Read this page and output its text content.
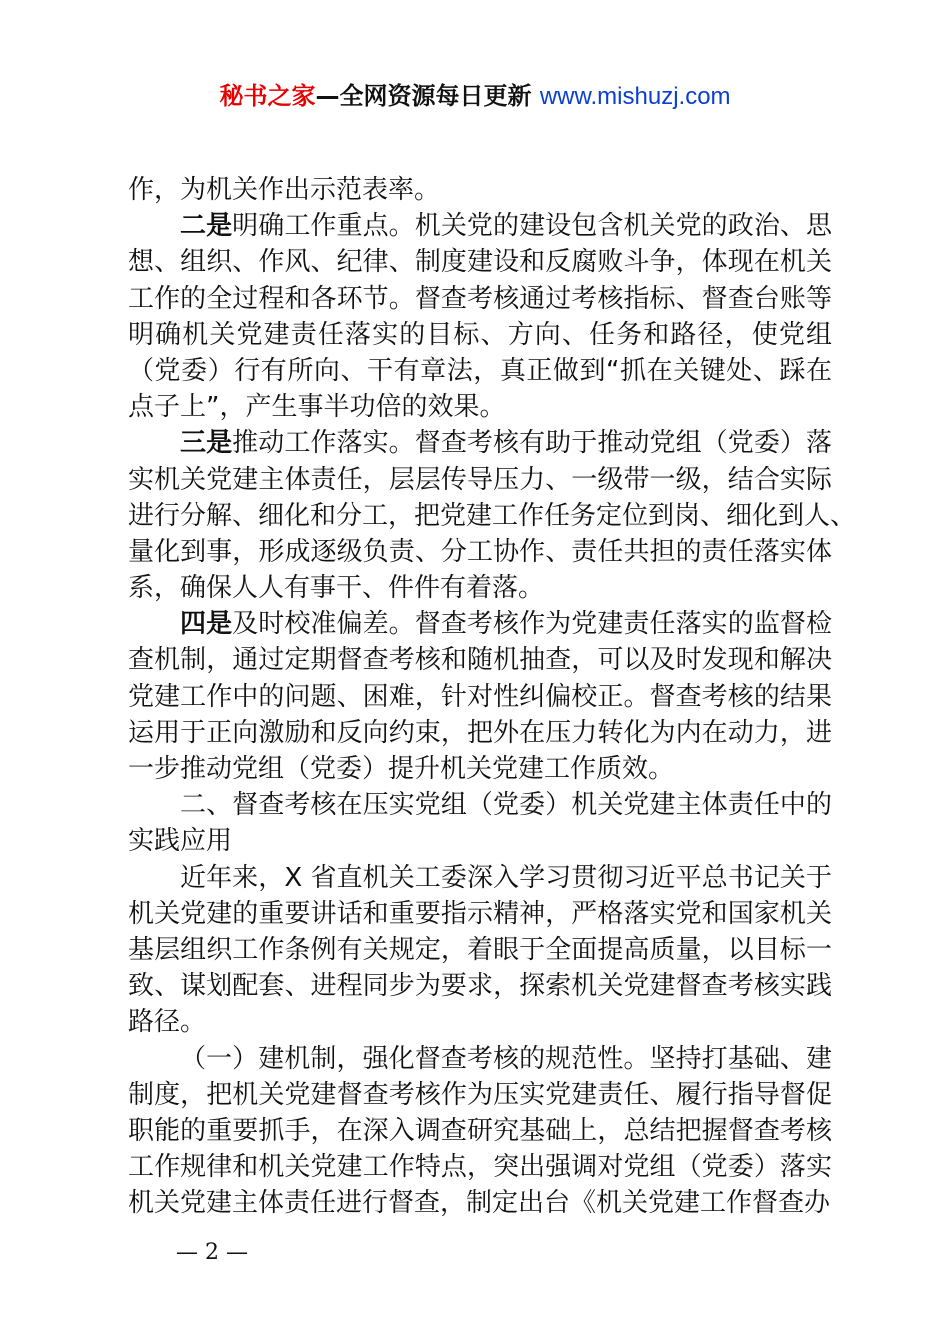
秘书之家—全网资源每日更新 www.mishuzj.com
作，为机关作出示范表率。
二是明确工作重点。机关党的建设包含机关党的政治、思
想、组织、作风、纪律、制度建设和反腐败斗争，体现在机关
工作的全过程和各环节。督查考核通过考核指标、督查台账等
明确机关党建责任落实的目标、方向、任务和路径，使党组
（党委）行有所向、干有章法，真正做到“抓在关键处、踩在
点子上”，产生事半功倍的效果。
三是推动工作落实。督查考核有助于推动党组（党委）落
实机关党建主体责任，层层传导压力、一级带一级，结合实际
进行分解、细化和分工，把党建工作任务定位到岗、细化到人、
量化到事，形成逐级负责、分工协作、责任共担的责任落实体
系，确保人人有事干、件件有着落。
四是及时校准偏差。督查考核作为党建责任落实的监督检
查机制，通过定期督查考核和随机抽查，可以及时发现和解决
党建工作中的问题、困难，针对性纠偏校正。督查考核的结果
运用于正向激励和反向约束，把外在压力转化为内在动力，进
一步推动党组（党委）提升机关党建工作质效。
二、督查考核在压实党组（党委）机关党建主体责任中的
实践应用
近年来，X 省直机关工委深入学习贯彻习近平总书记关于
机关党建的重要讲话和重要指示精神，严格落实党和国家机关
基层组织工作条例有关规定，着眼于全面提高质量，以目标一
致、谋划配套、进程同步为要求，探索机关党建督查考核实践
路径。
（一）建机制，强化督查考核的规范性。坚持打基础、建
制度，把机关党建督查考核作为压实党建责任、履行指导督促
职能的重要抓手，在深入调查研究基础上，总结把握督查考核
工作规律和机关党建工作特点，突出强调对党组（党委）落实
机关党建主体责任进行督查，制定出台《机关党建工作督查办
— 2 —
